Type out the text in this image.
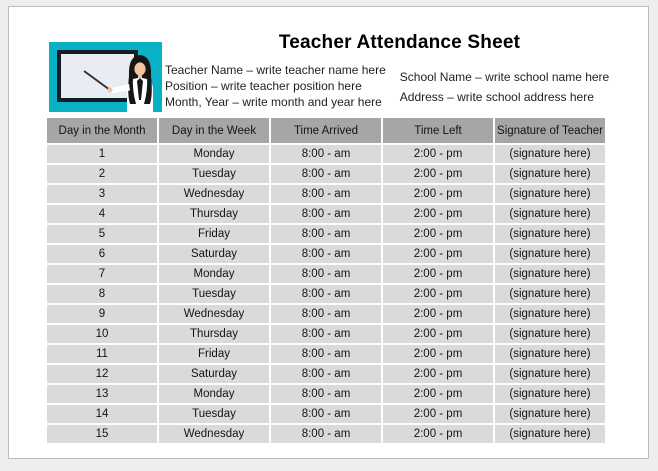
Teacher Attendance Sheet
Teacher Name – write teacher name here
Position – write teacher position here
Month, Year – write month and year here
School Name – write school name here
Address – write school address here
Day in the Month	Day in the Week	Time Arrived	Time Left	Signature of Teacher
1	Monday	8:00 - am	2:00 - pm	(signature here)
2	Tuesday	8:00 - am	2:00 - pm	(signature here)
3	Wednesday	8:00 - am	2:00 - pm	(signature here)
4	Thursday	8:00 - am	2:00 - pm	(signature here)
5	Friday	8:00 - am	2:00 - pm	(signature here)
6	Saturday	8:00 - am	2:00 - pm	(signature here)
7	Monday	8:00 - am	2:00 - pm	(signature here)
8	Tuesday	8:00 - am	2:00 - pm	(signature here)
9	Wednesday	8:00 - am	2:00 - pm	(signature here)
10	Thursday	8:00 - am	2:00 - pm	(signature here)
11	Friday	8:00 - am	2:00 - pm	(signature here)
12	Saturday	8:00 - am	2:00 - pm	(signature here)
13	Monday	8:00 - am	2:00 - pm	(signature here)
14	Tuesday	8:00 - am	2:00 - pm	(signature here)
15	Wednesday	8:00 - am	2:00 - pm	(signature here)
